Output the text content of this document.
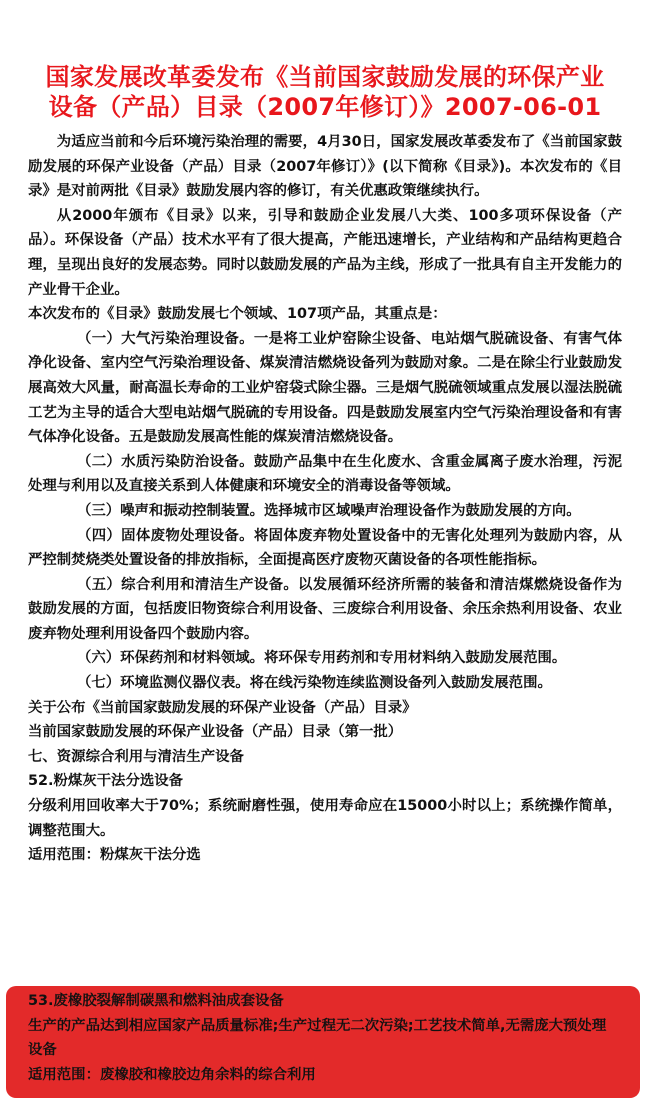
国家发展改革委发布《当前国家鼓励发展的环保产业
设备（产品）目录（2007年修订）》2007-06-01

为适应当前和今后环境污染治理的需要，4月30日，国家发展改革委发布了《当前国家鼓励发展的环保产业设备（产品）目录（2007年修订）》(以下简称《目录》)。本次发布的《目录》是对前两批《目录》鼓励发展内容的修订，有关优惠政策继续执行。

从2000年颁布《目录》以来，引导和鼓励企业发展八大类、100多项环保设备（产品）。环保设备（产品）技术水平有了很大提高，产能迅速增长，产业结构和产品结构更趋合理，呈现出良好的发展态势。同时以鼓励发展的产品为主线，形成了一批具有自主开发能力的产业骨干企业。

本次发布的《目录》鼓励发展七个领域、107项产品，其重点是：

（一）大气污染治理设备。一是将工业炉窑除尘设备、电站烟气脱硫设备、有害气体净化设备、室内空气污染治理设备、煤炭清洁燃烧设备列为鼓励对象。二是在除尘行业鼓励发展高效大风量，耐高温长寿命的工业炉窑袋式除尘器。三是烟气脱硫领域重点发展以湿法脱硫工艺为主导的适合大型电站烟气脱硫的专用设备。四是鼓励发展室内空气污染治理设备和有害气体净化设备。五是鼓励发展高性能的煤炭清洁燃烧设备。

（二）水质污染防治设备。鼓励产品集中在生化废水、含重金属离子废水治理，污泥处理与利用以及直接关系到人体健康和环境安全的消毒设备等领域。

（三）噪声和振动控制装置。选择城市区域噪声治理设备作为鼓励发展的方向。

（四）固体废物处理设备。将固体废弃物处置设备中的无害化处理列为鼓励内容，从严控制焚烧类处置设备的排放指标，全面提高医疗废物灭菌设备的各项性能指标。

（五）综合利用和清洁生产设备。以发展循环经济所需的装备和清洁煤燃烧设备作为鼓励发展的方面，包括废旧物资综合利用设备、三废综合利用设备、余压余热利用设备、农业废弃物处理利用设备四个鼓励内容。

（六）环保药剂和材料领域。将环保专用药剂和专用材料纳入鼓励发展范围。

（七）环境监测仪器仪表。将在线污染物连续监测设备列入鼓励发展范围。

关于公布《当前国家鼓励发展的环保产业设备（产品）目录》

当前国家鼓励发展的环保产业设备（产品）目录（第一批）

七、资源综合利用与清洁生产设备

52.粉煤灰干法分选设备

分级利用回收率大于70%；系统耐磨性强，使用寿命应在15000小时以上；系统操作简单，调整范围大。

适用范围：粉煤灰干法分选

53.废橡胶裂解制碳黑和燃料油成套设备

生产的产品达到相应国家产品质量标准;生产过程无二次污染;工艺技术简单,无需庞大预处理设备

适用范围：废橡胶和橡胶边角余料的综合利用
